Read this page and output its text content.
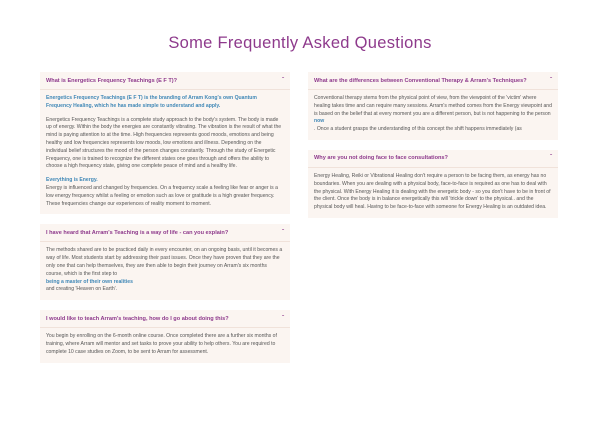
Some Frequently Asked Questions
What is Energetics Frequency Teachings (E F T)?	ˆ

Energetics Frequency Teachings (E F T) is the branding of Arram Kong's own Quantum Frequency Healing, which he has made simple to understand and apply.

Energetics Frequency Teachings is a complete study approach to the body's system. The body is made up of energy. Within the body the energies are constantly vibrating. The vibration is the result of what the mind is paying attention to at the time. High frequencies represents good moods, emotions and being healthy and low frequencies represents low moods, low emotions and illness. Depending on the individual belief structures the mood of the person changes constantly. Through the study of Energetic Frequency, one is trained to recognize the different states one goes through and offers the ability to choose a high frequency state, giving one complete peace of mind and a healthy life.

Everything is Energy.
Energy is influenced and changed by frequencies. On a frequency scale a feeling like fear or anger is a low energy frequency whilst a feeling or emotion such as love or gratitude is a high greater frequency. These frequencies change our experiences of reality moment to moment.

I have heard that Arram's Teaching is a way of life - can you explain?	ˆ

The methods shared are to be practiced daily in every encounter, on an ongoing basis, until it becomes a way of life. Most students start by addressing their past issues. Once they have proven that they are the only one that can help themselves, they are then able to begin their journey on Arram's six months course, which is the first step to
being a master of their own realities
and creating 'Heaven on Earth'.

I would like to teach Arram's teaching, how do I go about doing this?	ˆ

You begin by enrolling on the 6-month online course. Once completed there are a further six months of training, where Arram will mentor and set tasks to prove your ability to help others. You are required to complete 10 case studies on Zoom, to be sent to Arram for assessment.

What are the differences between Conventional Therapy & Arram's Techniques?	ˆ

Conventional therapy stems from the physical point of view, from the viewpoint of the 'victim' where healing takes time and can require many sessions. Arram's method comes from the Energy viewpoint and is based on the belief that at every moment you are a different person, but is not happening to the person
now
. Once a student grasps the understanding of this concept the shift happens immediately (as

Why are you not doing face to face consultations?	ˆ

Energy Healing, Reiki or Vibrational Healing don't require a person to be facing them, as energy has no boundaries. When you are dealing with a physical body, face-to-face is required as one has to deal with the physical. With Energy Healing it is dealing with the energetic body - so you don't have to be in front of the client. Once the body is in balance energetically this will 'trickle down' to the physical.. and the physical body will heal. Having to be face-to-face with someone for Energy Healing is an outdated idea.
